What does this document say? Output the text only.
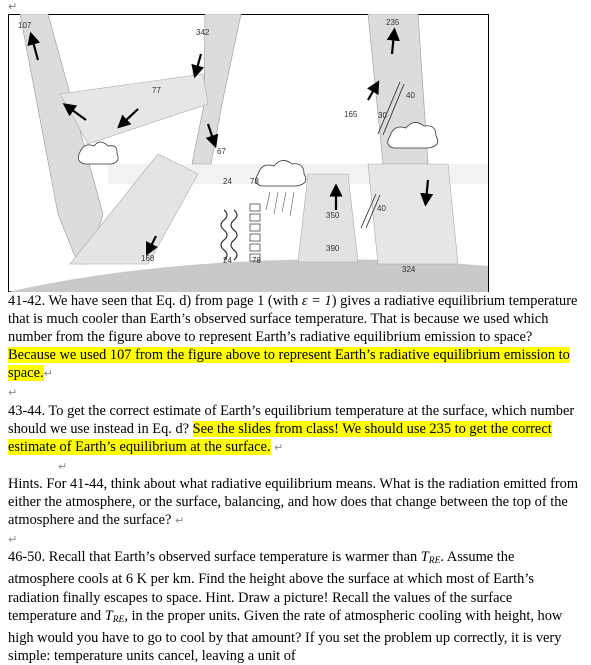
↵
107
342
77
67
168
24 78
24	78
235
165	30
40
40
390
350
324

41-42. We have seen that Eq. d) from page 1 (with ε = 1) gives a radiative equilibrium temperature that is much cooler than Earth’s observed surface temperature. That is because we used which number from the figure above to represent Earth’s radiative equilibrium emission to space? Because we used 107 from the figure above to represent Earth’s radiative equilibrium emission to space.↵

↵

43-44. To get the correct estimate of Earth’s equilibrium temperature at the surface, which number should we use instead in Eq. d? See the slides from class! We should use 235 to get the correct estimate of Earth’s equilibrium at the surface. ↵

↵

Hints. For 41-44, think about what radiative equilibrium means. What is the radiation emitted from either the atmosphere, or the surface, balancing, and how does that change between the top of the atmosphere and the surface? ↵

↵

46-50. Recall that Earth’s observed surface temperature is warmer than $T_{RE}$. Assume the atmosphere cools at 6 K per km. Find the height above the surface at which most of Earth’s radiation finally escapes to space. Hint. Draw a picture! Recall the values of the surface temperature and $T_{RE}$, in the proper units. Given the rate of atmospheric cooling with height, how high would you have to go to cool by that amount? If you set the problem up correctly, it is very simple: temperature units cancel, leaving a unit of
